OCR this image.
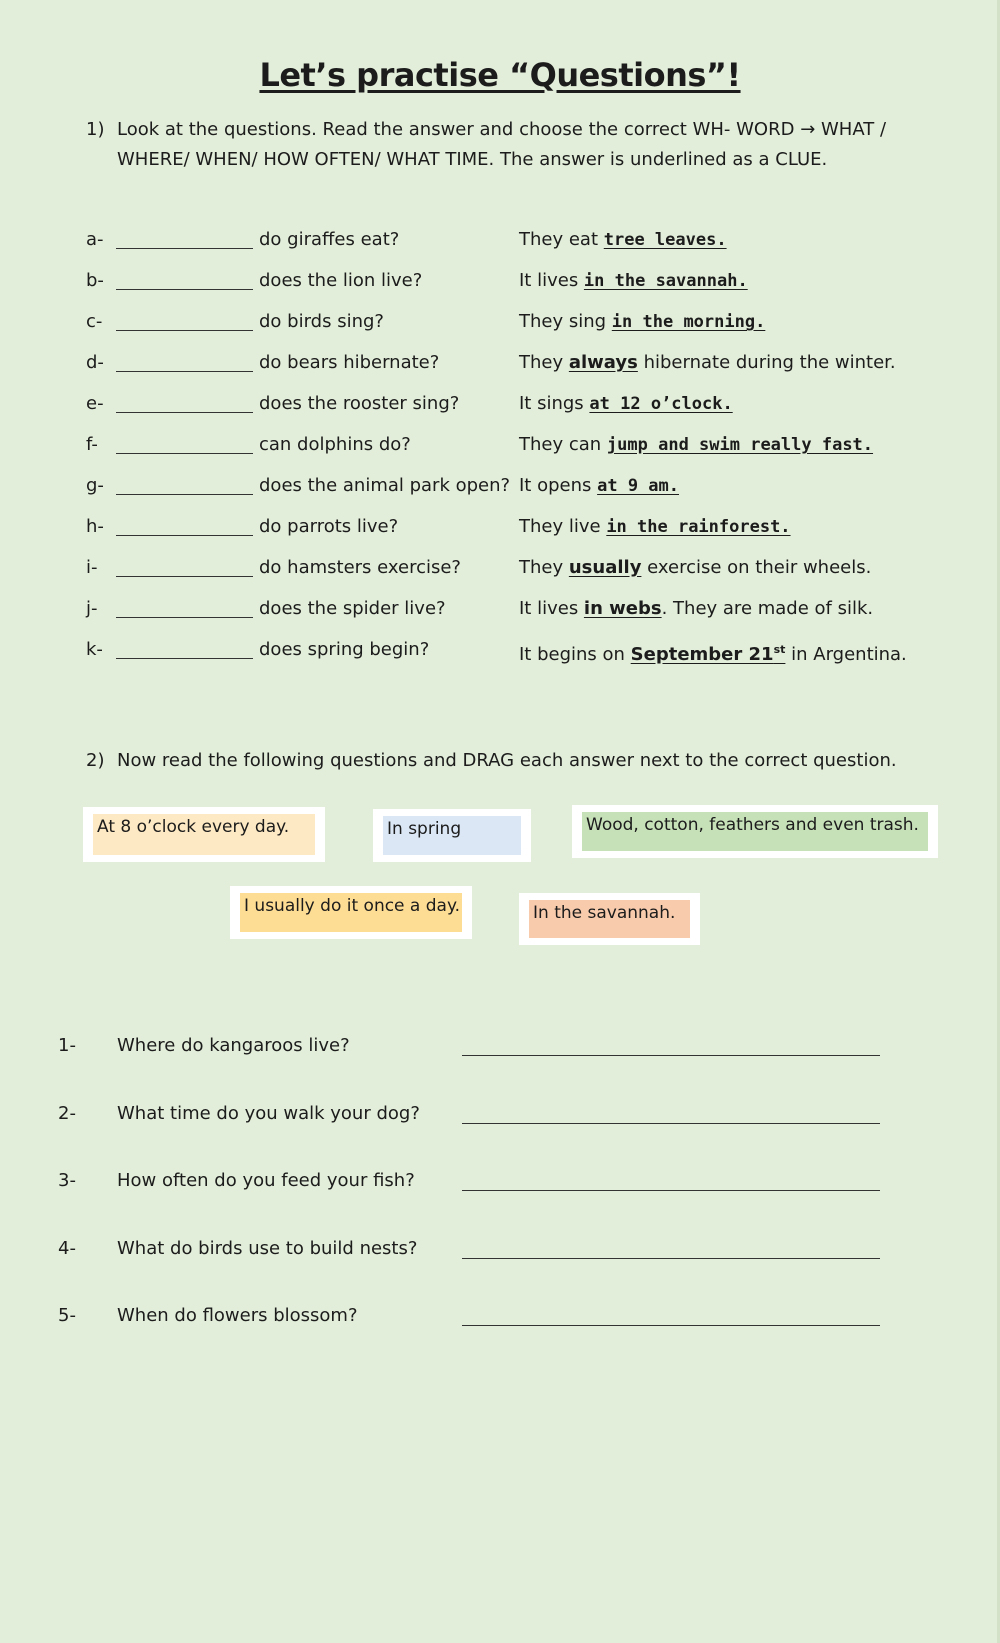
Let’s practise “Questions”!
1) Look at the questions. Read the answer and choose the correct WH- WORD → WHAT / WHERE/ WHEN/ HOW OFTEN/ WHAT TIME. The answer is underlined as a CLUE.
a-	do giraffes eat?	They eat tree leaves.
b-	does the lion live?	It lives in the savannah.
c-	do birds sing?	They sing in the morning.
d-	do bears hibernate?	They always hibernate during the winter.
e-	does the rooster sing?	It sings at 12 o’clock.
f-	can dolphins do?	They can jump and swim really fast.
g-	does the animal park open? It opens at 9 am.
h-	do parrots live?	They live in the rainforest.
i-	do hamsters exercise?	They usually exercise on their wheels.
j-	does the spider live?	It lives in webs. They are made of silk.
k-	does spring begin?	It begins on September 21st in Argentina.
2) Now read the following questions and DRAG each answer next to the correct question.
At 8 o’clock every day.	In spring	Wood, cotton, feathers and even trash.
I usually do it once a day.	In the savannah.
1- Where do kangaroos live?
2- What time do you walk your dog?
3- How often do you feed your fish?
4- What do birds use to build nests?
5- When do flowers blossom?
